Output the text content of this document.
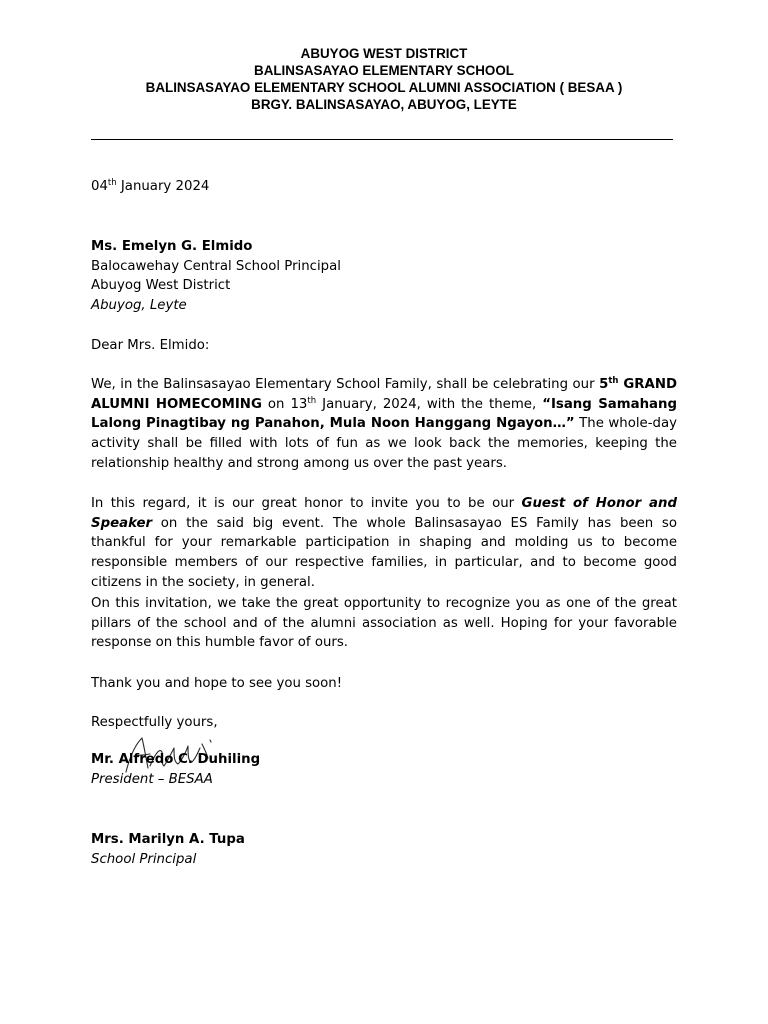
ABUYOG WEST DISTRICT
BALINSASAYAO ELEMENTARY SCHOOL
BALINSASAYAO ELEMENTARY SCHOOL ALUMNI ASSOCIATION ( BESAA )
BRGY. BALINSASAYAO, ABUYOG, LEYTE
04th January 2024
Ms. Emelyn G. Elmido
Balocawehay Central School Principal
Abuyog West District
Abuyog, Leyte
Dear Mrs. Elmido:
We, in the Balinsasayao Elementary School Family, shall be celebrating our 5th GRAND ALUMNI HOMECOMING on 13th January, 2024, with the theme, “Isang Samahang Lalong Pinagtibay ng Panahon, Mula Noon Hanggang Ngayon…” The whole-day activity shall be filled with lots of fun as we look back the memories, keeping the relationship healthy and strong among us over the past years.
In this regard, it is our great honor to invite you to be our Guest of Honor and Speaker on the said big event. The whole Balinsasayao ES Family has been so thankful for your remarkable participation in shaping and molding us to become responsible members of our respective families, in particular, and to become good citizens in the society, in general.
On this invitation, we take the great opportunity to recognize you as one of the great pillars of the school and of the alumni association as well. Hoping for your favorable response on this humble favor of ours.
Thank you and hope to see you soon!
Respectfully yours,
Mr. Alfredo C. Duhiling
President – BESAA
Mrs. Marilyn A. Tupa
School Principal
